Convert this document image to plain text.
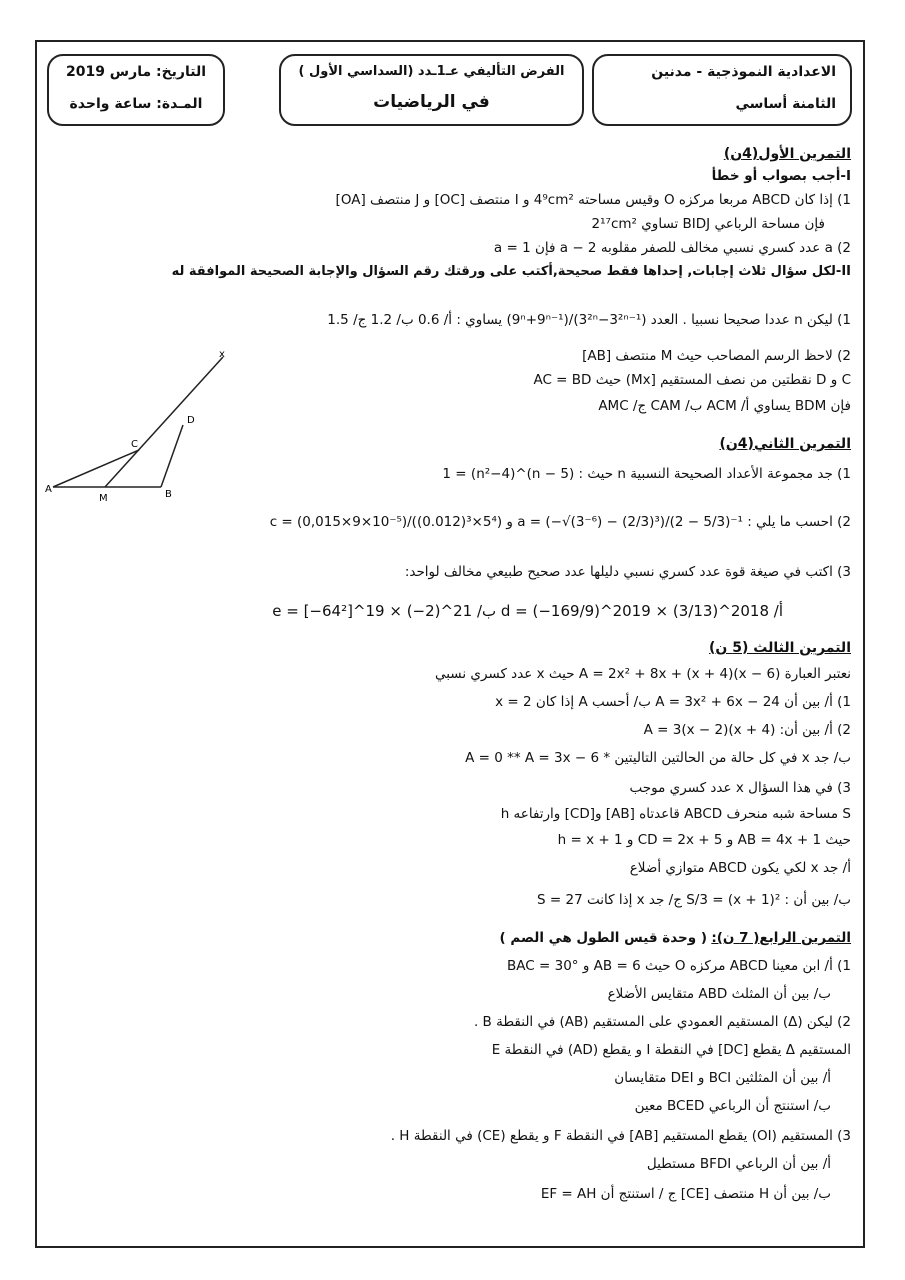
التاريخ: مارس 2019
المـدة: ساعة واحدة
الفرض التأليفي عـ1ـدد (السداسي الأول )
في الرياضيات
الاعدادية النموذجية - مدنين
الثامنة أساسي
التمرين الأول(4ن)
I-أجب بصواب أو خطأ
1) إذا كان ABCD مربعا مركزه O وقيس مساحته 4⁹cm² و I منتصف [OC] و J منتصف [OA]
فإن مساحة الرباعي BIDJ تساوي 2¹⁷cm²
2) a عدد كسري نسبي مخالف للصفر مقلوبه a − 2 فإن a = 1
II-لكل سؤال ثلاث إجابات, إحداها فقط صحيحة,أكتب على ورقتك رقم السؤال والإجابة الصحيحة الموافقة له
1) ليكن n عددا صحيحا نسبيا . العدد (3²ⁿ−3²ⁿ⁻¹)/(9ⁿ+9ⁿ⁻¹) يساوي : أ/ 0.6 ب/ 1.2 ج/ 1.5
2) لاحظ الرسم المصاحب حيث M منتصف [AB]
C و D نقطتين من نصف المستقيم [Mx) حيث AC = BD
فإن BDM يساوي أ/ ACM ب/ CAM ج/ AMC
A
M	B
C
D
x
التمرين الثاني(4ن)
1) جد مجموعة الأعداد الصحيحة النسبية n حيث : (n − 5)^(n²−4) = 1
2) احسب ما يلي : a = (−√(3⁻⁶) − (2/3)³)/(2 − 5/3)⁻¹ و c = (0,015×9×10⁻⁵)/((0.012)³×5⁴)
3) اكتب في صيغة قوة عدد كسري نسبي دليلها عدد صحيح طبيعي مخالف لواحد:
أ/ d = (−169/9)^2019 × (3/13)^2018 ب/ e = [−64²]^19 × (−2)^21
التمرين الثالث (5 ن)
نعتبر العبارة A = 2x² + 8x + (x + 4)(x − 6) حيث x عدد كسري نسبي
1) أ/ بين أن A = 3x² + 6x − 24 ب/ أحسب A إذا كان x = 2
2) أ/ بين أن: A = 3(x − 2)(x + 4)
ب/ جد x في كل حالة من الحالتين التاليتين * A = 0 ** A = 3x − 6
3) في هذا السؤال x عدد كسري موجب
S مساحة شبه منحرف ABCD قاعدتاه [AB] و[CD] وارتفاعه h
حيث AB = 4x + 1 و CD = 2x + 5 و h = x + 1
أ/ جد x لكي يكون ABCD متوازي أضلاع
ب/ بين أن : S/3 = (x + 1)² ج/ جد x إذا كانت S = 27
التمرين الرابع( 7 ن): ( وحدة قيس الطول هي الصم )
1) أ/ ابن معينا ABCD مركزه O حيث AB = 6 و BAC = 30°
ب/ بين أن المثلث ABD متقايس الأضلاع
2) ليكن (Δ) المستقيم العمودي على المستقيم (AB) في النقطة B .
المستقيم Δ يقطع [DC] في النقطة I و يقطع (AD) في النقطة E
أ/ بين أن المثلثين BCI و DEI متقايسان
ب/ استنتج أن الرباعي BCED معين
3) المستقيم (OI) يقطع المستقيم [AB] في النقطة F و يقطع (CE) في النقطة H .
أ/ بين أن الرباعي BFDI مستطيل
ب/ بين أن H منتصف [CE] ج / استنتج أن EF = AH
